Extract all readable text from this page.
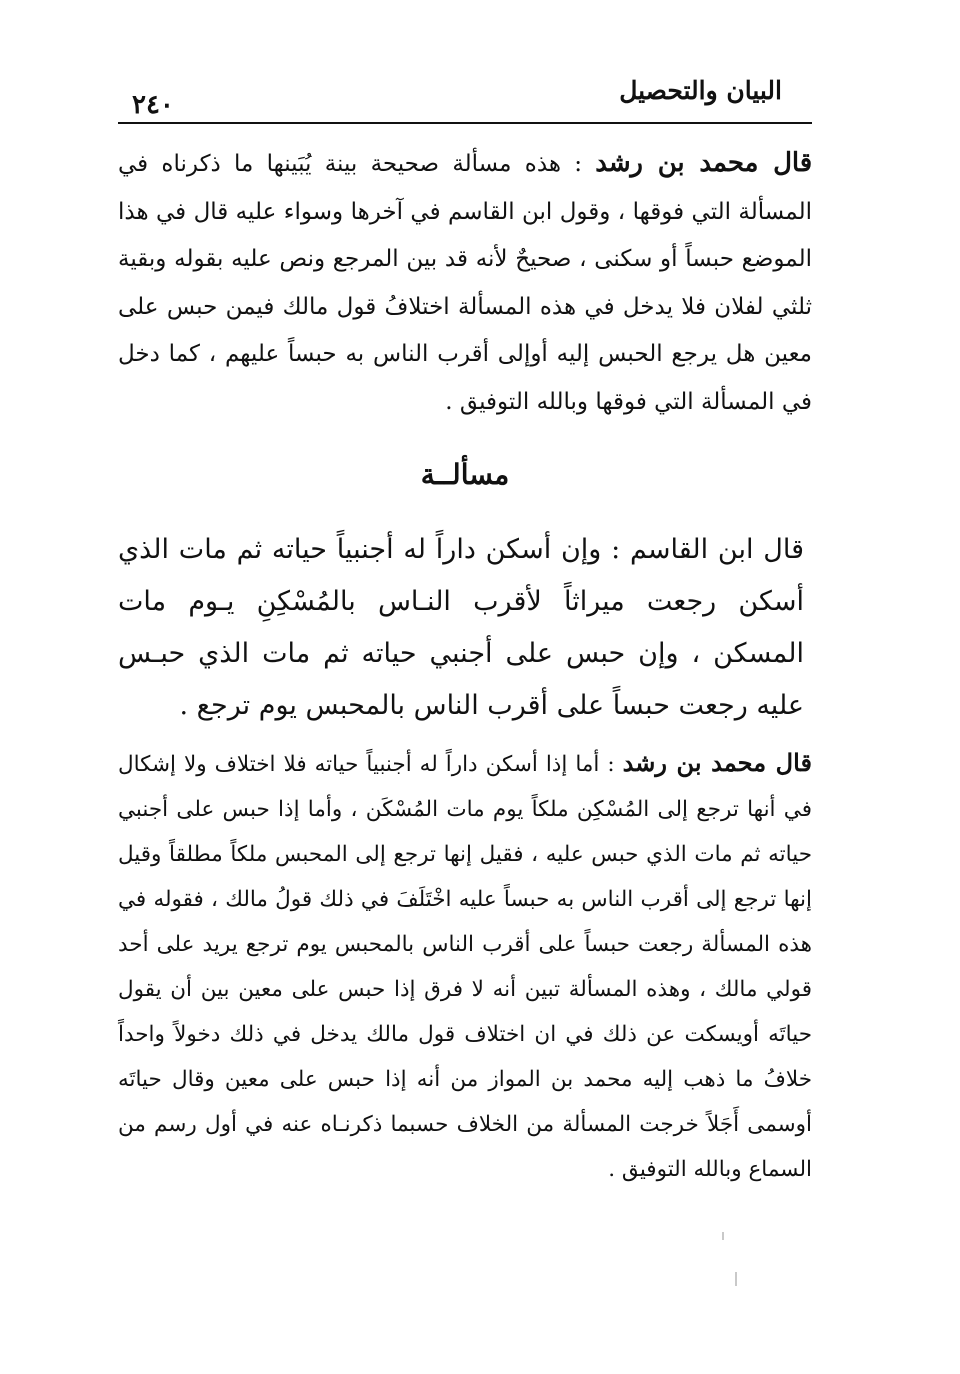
البيان والتحصيل
٢٤٠

قال محمد بن رشد : هذه مسألة صحيحة بينة يُبَينها ما ذكرناه في المسألة التي فوقها ، وقول ابن القاسم في آخرها وسواء عليه قال في هذا الموضع حبساً أو سكنى ، صحيحٌ لأنه قد بين المرجع ونص عليه بقوله وبقية ثلثي لفلان فلا يدخل في هذه المسألة اختلافُ قول مالك فيمن حبس على معين هل يرجع الحبس إليه أوإلى أقرب الناس به حبساً عليهم ، كما دخل في المسألة التي فوقها وبالله التوفيق .

مسألــة

قال ابن القاسم : وإن أسكن داراً له أجنبياً حياته ثم مات الذي أسكن رجعت ميراثاً لأقرب النـاس بالمُسْكِنِ يـوم مات المسكن ، وإن حبس على أجنبي حياته ثم مات الذي حبـس عليه رجعت حبساً على أقرب الناس بالمحبس يوم ترجع .

قال محمد بن رشد : أما إذا أسكن داراً له أجنبياً حياته فلا اختلاف ولا إشكال في أنها ترجع إلى المُسْكِن ملكاً يوم مات المُسْكَن ، وأما إذا حبس على أجنبي حياته ثم مات الذي حبس عليه ، فقيل إنها ترجع إلى المحبس ملكاً مطلقاً وقيل إنها ترجع إلى أقرب الناس به حبساً عليه اخْتَلَفَ في ذلك قولُ مالك ، فقوله في هذه المسألة رجعت حبساً على أقرب الناس بالمحبس يوم ترجع يريد على أحد قولي مالك ، وهذه المسألة تبين أنه لا فرق إذا حبس على معين بين أن يقول حياتَه أويسكت عن ذلك في ان اختلاف قول مالك يدخل في ذلك دخولاً واحداً خلافُ ما ذهب إليه محمد بن المواز من أنه إذا حبس على معين وقال حياتَه أوسمى أَجَلاً خرجت المسألة من الخلاف حسبما ذكرنـاه عنه في أول رسم من السماع وبالله التوفيق .
